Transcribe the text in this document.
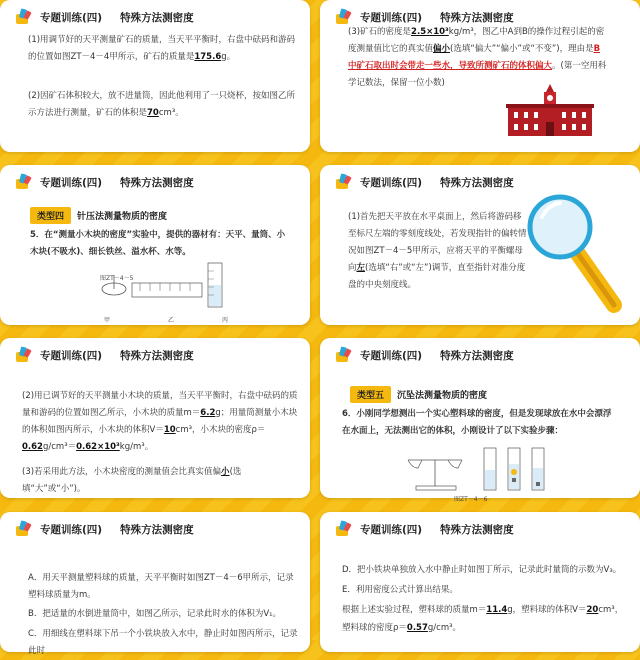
专题训练(四) 特殊方法测密度
(1)用调节好的天平测量矿石的质量，当天平平衡时，右盘中砝码和游码的位置如图ZT－4－4甲所示，矿石的质量是175.6g。
(2)因矿石体积较大，放不进量筒，因此他利用了一只烧杯，按如图乙所示方法进行测量，矿石的体积是70cm³。
专题训练(四) 特殊方法测密度
(3)矿石的密度是2.5×10³kg/m³，图乙中A到B的操作过程引起的密度测量值比它的真实值偏小(选填“偏大”“偏小”或“不变”)，理由是B中矿石取出时会带走一些水，导致所测矿石的体积偏大。(第一空用科学记数法，保留一位小数)
专题训练(四) 特殊方法测密度
类型四	针压法测量物质的密度
5．在“测量小木块的密度”实验中，提供的器材有：天平、量筒、小木块(不吸水)、细长铁丝、溢水杯、水等。
图ZT－4－5
甲	乙	丙
专题训练(四) 特殊方法测密度
(1)首先把天平放在水平桌面上，然后将游码移至标尺左端的零刻度线处，若发现指针的偏转情况如图ZT－4－5甲所示，应将天平的平衡螺母向左(选填“右”或“左”)调节，直至指针对准分度盘的中央刻度线。
专题训练(四) 特殊方法测密度
(2)用已调节好的天平测量小木块的质量，当天平平衡时，右盘中砝码的质量和游码的位置如图乙所示，小木块的质量m＝6.2g；用量筒测量小木块的体积如图丙所示，小木块的体积V＝10cm³，小木块的密度ρ＝0.62g/cm³＝0.62×10³kg/m³。
(3)若采用此方法，小木块密度的测量值会比真实值偏小(选填“大”或“小”)。
专题训练(四) 特殊方法测密度
类型五	沉坠法测量物质的密度
6．小刚同学想测出一个实心塑料球的密度，但是发现球放在水中会漂浮在水面上，无法测出它的体积，小刚设计了以下实验步骤：
图ZT－4－6
专题训练(四) 特殊方法测密度
A．用天平测量塑料球的质量，天平平衡时如图ZT－4－6甲所示，记录塑料球质量为m。
B．把适量的水倒进量筒中，如图乙所示，记录此时水的体积为V₁。
C．用细线在塑料球下吊一个小铁块放入水中，静止时如图丙所示，记录此时
专题训练(四) 特殊方法测密度
D．把小铁块单独放入水中静止时如图丁所示，记录此时量筒的示数为V₃。
E．利用密度公式计算出结果。
根据上述实验过程，塑料球的质量m＝11.4g，塑料球的体积V＝20cm³，
塑料球的密度ρ＝0.57g/cm³。
